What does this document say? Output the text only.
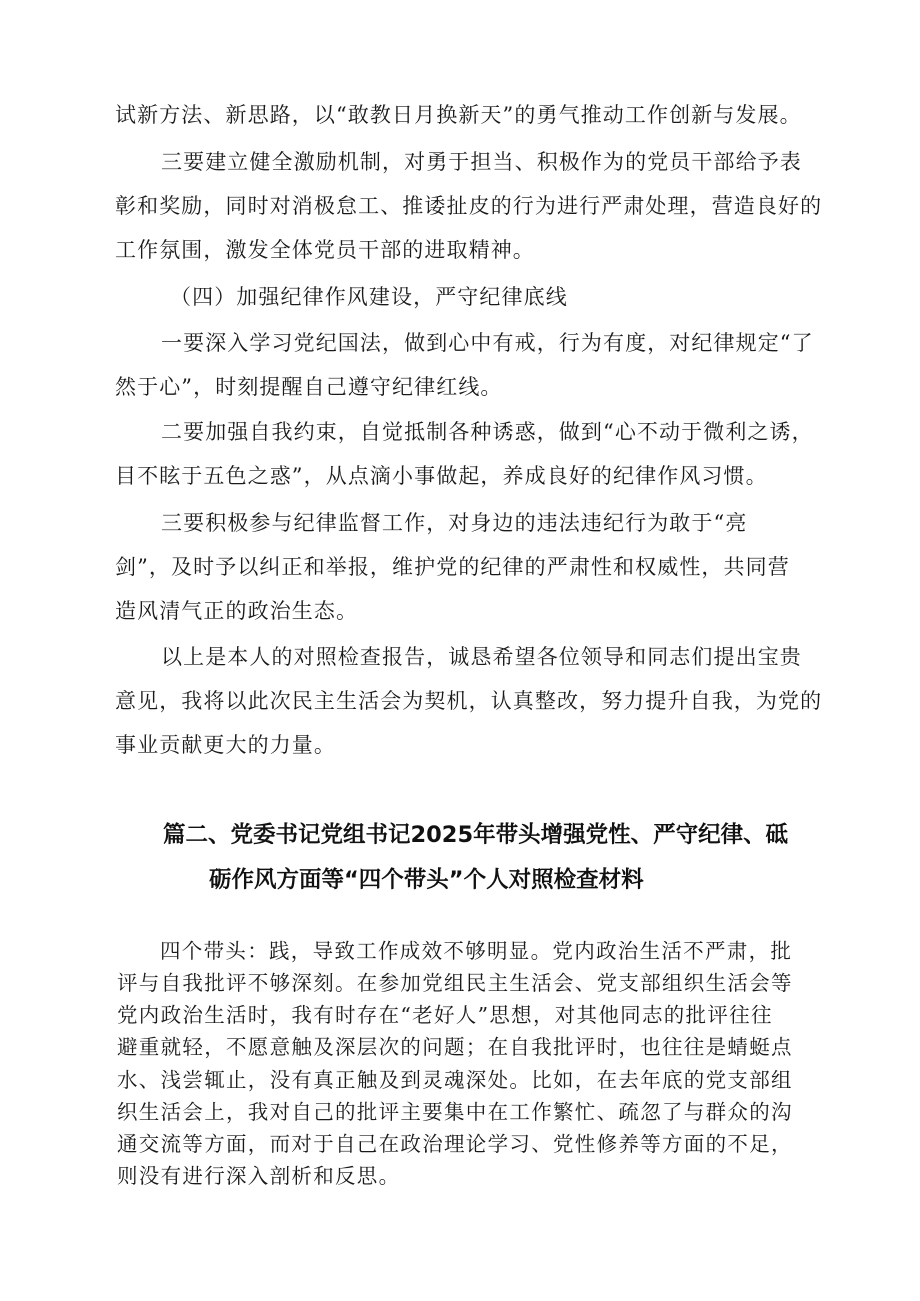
试新方法、新思路，以“敢教日月换新天”的勇气推动工作创新与发展。

三要建立健全激励机制，对勇于担当、积极作为的党员干部给予表

彰和奖励，同时对消极怠工、推诿扯皮的行为进行严肃处理，营造良好的

工作氛围，激发全体党员干部的进取精神。

（四）加强纪律作风建设，严守纪律底线

一要深入学习党纪国法，做到心中有戒，行为有度，对纪律规定“了

然于心”，时刻提醒自己遵守纪律红线。

二要加强自我约束，自觉抵制各种诱惑，做到“心不动于微利之诱，

目不眩于五色之惑”，从点滴小事做起，养成良好的纪律作风习惯。

三要积极参与纪律监督工作，对身边的违法违纪行为敢于“亮

剑”，及时予以纠正和举报，维护党的纪律的严肃性和权威性，共同营

造风清气正的政治生态。

以上是本人的对照检查报告，诚恳希望各位领导和同志们提出宝贵

意见，我将以此次民主生活会为契机，认真整改，努力提升自我，为党的

事业贡献更大的力量。

篇二、党委书记党组书记2025年带头增强党性、严守纪律、砥

砺作风方面等“四个带头”个人对照检查材料

四个带头：践，导致工作成效不够明显。党内政治生活不严肃，批

评与自我批评不够深刻。在参加党组民主生活会、党支部组织生活会等

党内政治生活时，我有时存在“老好人”思想，对其他同志的批评往往

避重就轻，不愿意触及深层次的问题；在自我批评时，也往往是蜻蜓点

水、浅尝辄止，没有真正触及到灵魂深处。比如，在去年底的党支部组

织生活会上，我对自己的批评主要集中在工作繁忙、疏忽了与群众的沟

通交流等方面，而对于自己在政治理论学习、党性修养等方面的不足，

则没有进行深入剖析和反思。
